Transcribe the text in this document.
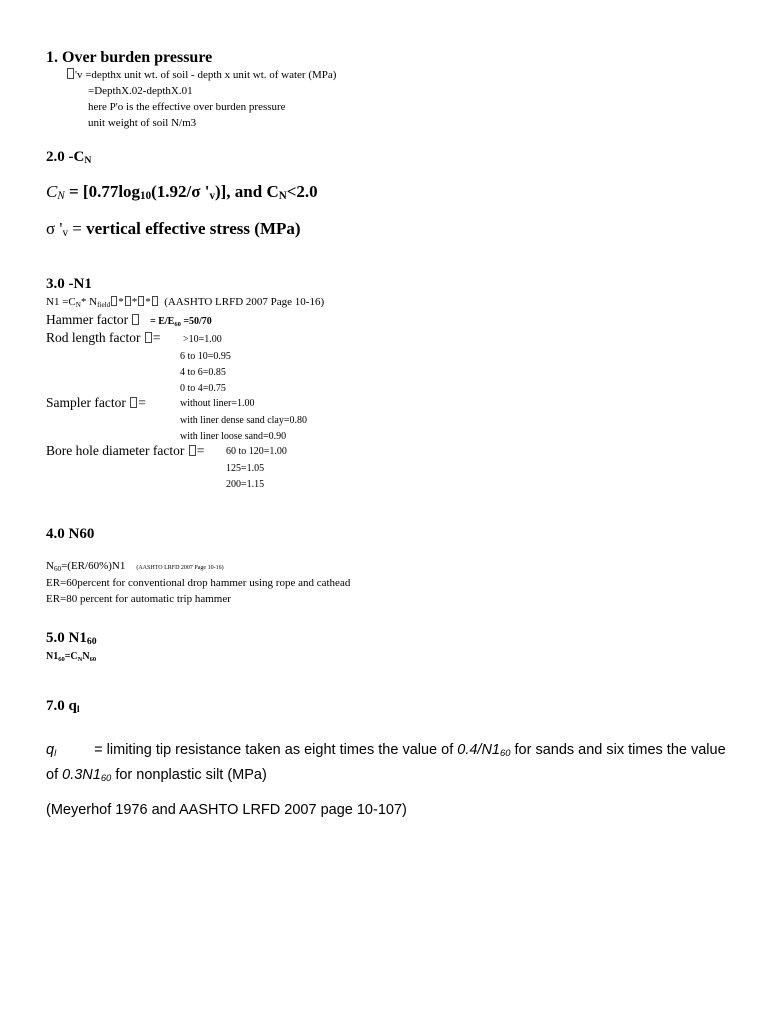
1. Over burden pressure
'v =depthx unit wt. of soil - depth x unit wt. of water (MPa)
=DepthX.02-depthX.01
here P'o is the effective over burden pressure
unit weight of soil N/m3
2.0 $-C_N$
$C_N = [0.77\log_{10}(1.92/\sigma$ '$_v$)], and $C_N<2.0$
σ '$_v$ = vertical effective stress (MPa)
3.0 -N1
$N1 =C_N*$ $N_{field}$ * * * (AASHTO LRFD 2007 Page 10-16)
Hammer factor	= $E/E_{60} =50/70$
Rod length factor = >10=1.00
6 to 10=0.95
4 to 6=0.85
0 to 4=0.75
Sampler factor =	without liner=1.00
with liner dense sand clay=0.80
with liner loose sand=0.90
Bore hole diameter factor = 60 to 120=1.00
125=1.05
200=1.15
4.0 N60
$N_{60}=(ER/60\%)N1$ (AASHTO LRFD 2007 Page 10-16)
ER=60percent for conventional drop hammer using rope and cathead
ER=80 percent for automatic trip hammer
5.0 $N1_{60}$
$N1_{60}=C_NN_{60}$
7.0 $q_l$

$q_l$	= limiting tip resistance taken as eight times the value of $0.4/N1_{60}$ for sands and six times the value of $0.3N1_{60}$ for nonplastic silt (MPa)

(Meyerhof 1976 and AASHTO LRFD 2007 page 10-107)
